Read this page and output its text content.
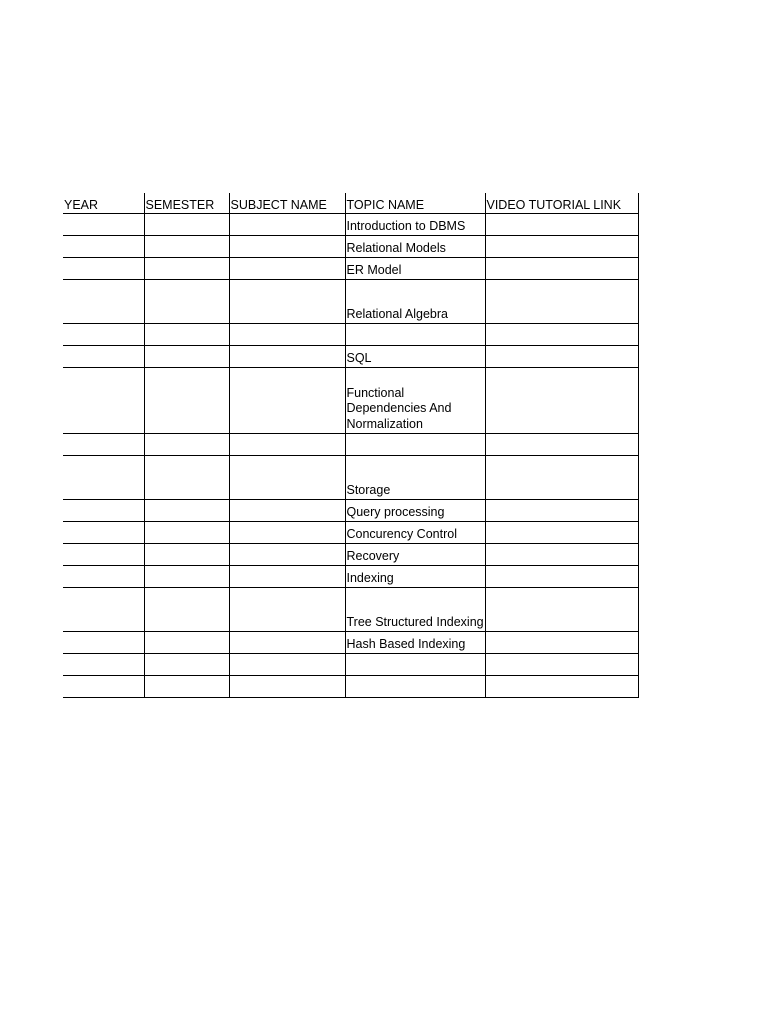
YEAR	SEMESTER	SUBJECT NAME	TOPIC NAME	VIDEO TUTORIAL LINK
			Introduction to DBMS	
			Relational Models	
			ER Model	
			Relational Algebra	

			SQL	
			Functional Dependencies And Normalization	

			Storage	
			Query processing	
			Concurency Control	
			Recovery	
			Indexing	
			Tree Structured Indexing	
			Hash Based Indexing	
